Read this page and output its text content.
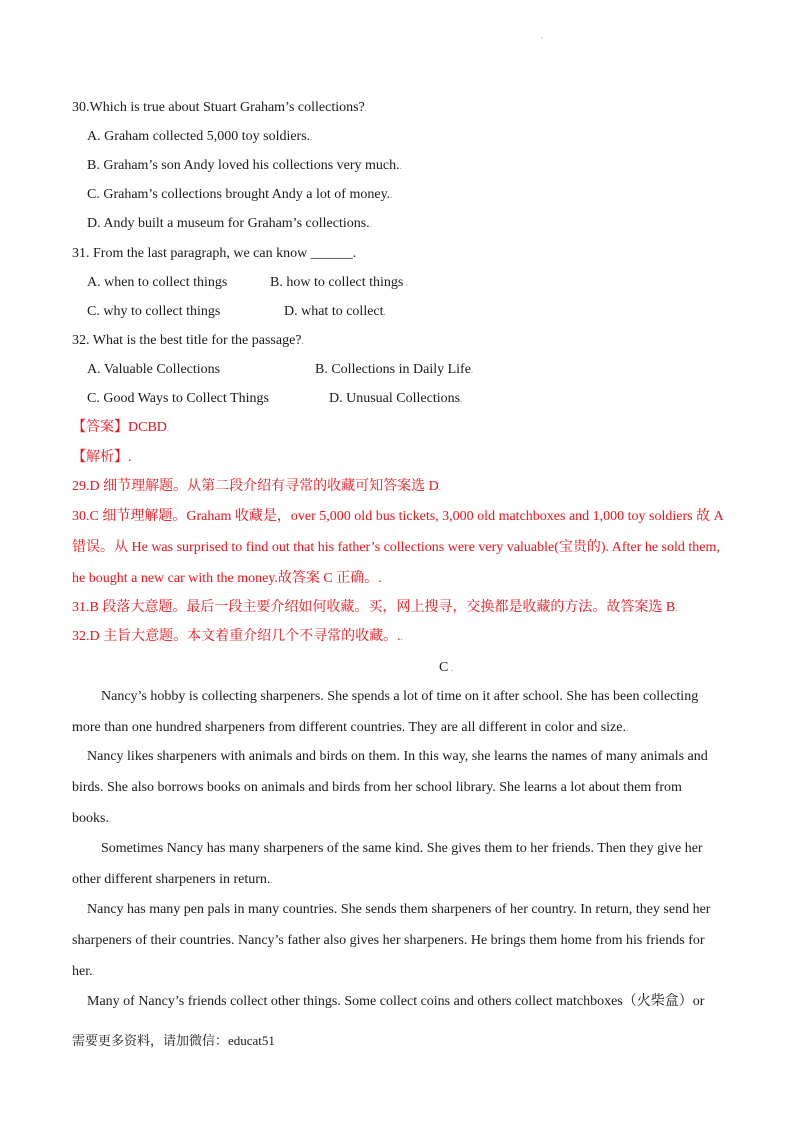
'
30.Which is true about Stuart Graham’s collections?.
A. Graham collected 5,000 toy soldiers..
B. Graham’s son Andy loved his collections very much..
C. Graham’s collections brought Andy a lot of money..
D. Andy built a museum for Graham’s collections..
31. From the last paragraph, we can know ______.
A. when to collect things	B. how to collect things .
C. why to collect things	D. what to collect.
32. What is the best title for the passage?.
A. Valuable Collections	B. Collections in Daily Life.
C. Good Ways to Collect Things	D. Unusual Collections.
【答案】DCBD.
【解析】.
29.D 细节理解题。从第二段介绍有寻常的收藏可知答案选 D.
30.C 细节理解题。Graham 收藏是，over 5,000 old bus tickets, 3,000 old matchboxes and 1,000 toy soldiers 故 A
错误。从 He was surprised to find out that his father’s collections were very valuable(宝贵的). After he sold them,
he bought a new car with the money.故答案 C 正确。.
31.B 段落大意题。最后一段主要介绍如何收藏。买，网上搜寻，交换都是收藏的方法。故答案选 B.
32.D 主旨大意题。本文着重介绍几个不寻常的收藏。..
C .
Nancy’s hobby is collecting sharpeners. She spends a lot of time on it after school. She has been collecting
more than one hundred sharpeners from different countries. They are all different in color and size..
Nancy likes sharpeners with animals and birds on them. In this way, she learns the names of many animals and
birds. She also borrows books on animals and birds from her school library. She learns a lot about them from
books..
Sometimes Nancy has many sharpeners of the same kind. She gives them to her friends. Then they give her
other different sharpeners in return..
Nancy has many pen pals in many countries. She sends them sharpeners of her country. In return, they send her
sharpeners of their countries. Nancy’s father also gives her sharpeners. He brings them home from his friends for
her..
Many of Nancy’s friends collect other things. Some collect coins and others collect matchboxes（火柴盒）or
需要更多资料，请加微信：educat51
